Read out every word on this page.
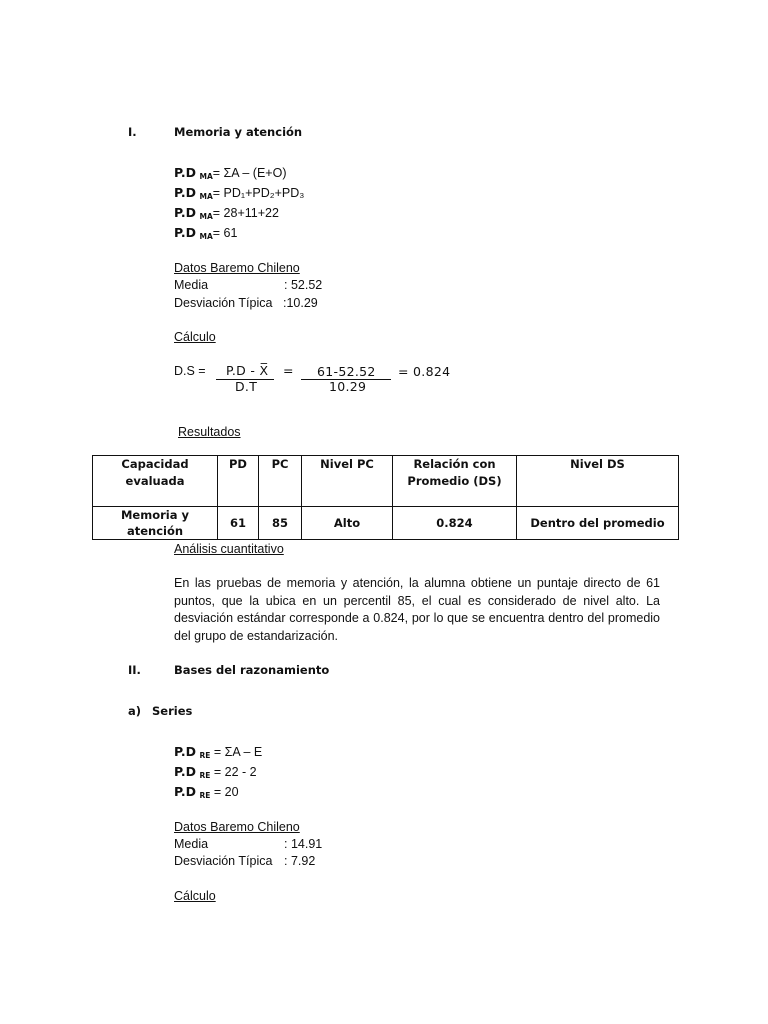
I.	Memoria y atención
P.D $_{MA}$= ΣA – (E+O)
P.D $_{MA}$= PD₁+PD₂+PD₃
P.D $_{MA}$= 28+11+22
P.D $_{MA}$= 61
Datos Baremo Chileno
Media	: 52.52
Desviación Típica :10.29
Cálculo
D.S = P.D - X̅
D.T
= 61-52.52
10.29
= 0.824
Resultados
Capacidad evaluada	PD	PC	Nivel PC	Relación con Promedio (DS)	Nivel DS
Memoria y atención	61	85	Alto	0.824	Dentro del promedio
Análisis cuantitativo
En las pruebas de memoria y atención, la alumna obtiene un puntaje directo de 61 puntos, que la ubica en un percentil 85, el cual es considerado de nivel alto. La desviación estándar corresponde a 0.824, por lo que se encuentra dentro del promedio del grupo de estandarización.
II.	Bases del razonamiento
a) Series
P.D $_{RE}$ = ΣA – E
P.D $_{RE}$ = 22 - 2
P.D $_{RE}$ = 20
Datos Baremo Chileno
Media	: 14.91
Desviación Típica : 7.92
Cálculo
